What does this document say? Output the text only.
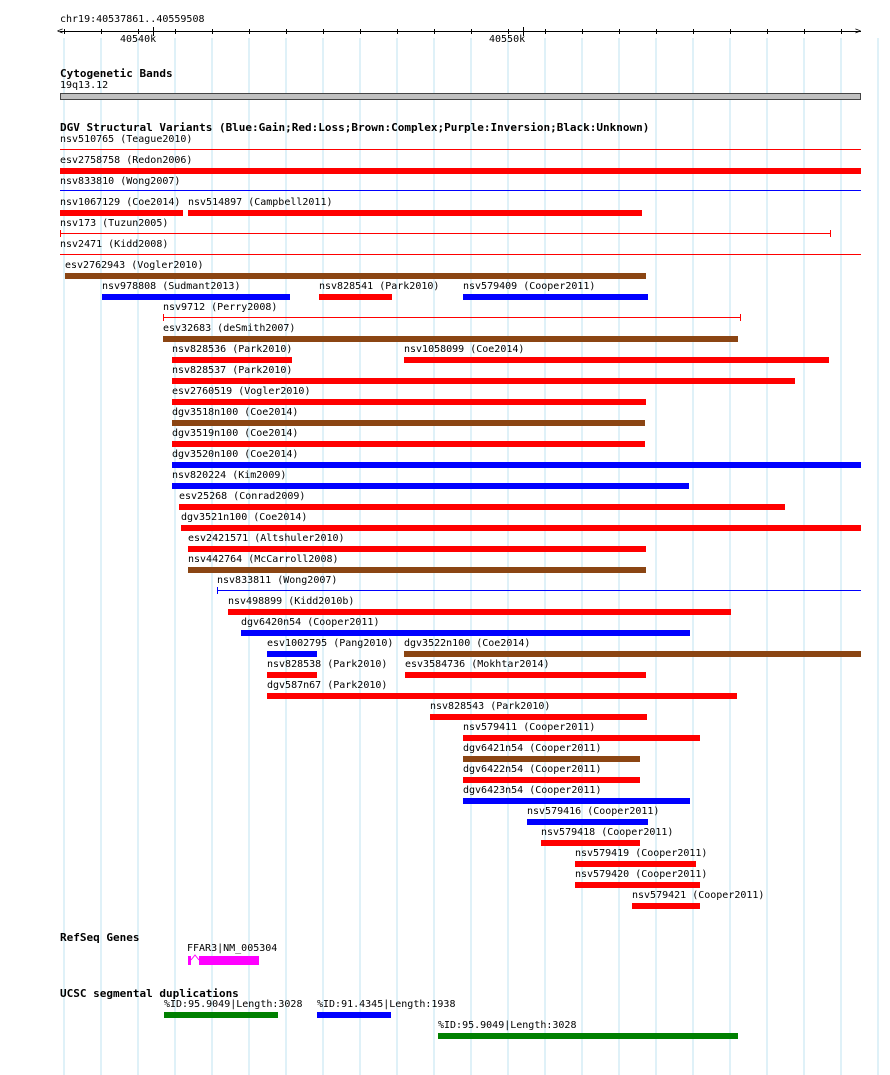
chr19:40537861..40559508
<	>
40540k	40550k
Cytogenetic Bands
19q13.12
DGV Structural Variants (Blue:Gain;Red:Loss;Brown:Complex;Purple:Inversion;Black:Unknown)
nsv510765 (Teague2010)
esv2758758 (Redon2006)
nsv833810 (Wong2007)
nsv1067129 (Coe2014) nsv514897 (Campbell2011)
nsv173 (Tuzun2005)
nsv2471 (Kidd2008)
esv2762943 (Vogler2010)
nsv978808 (Sudmant2013)	nsv828541 (Park2010) nsv579409 (Cooper2011)
nsv9712 (Perry2008)
esv32683 (deSmith2007)
nsv828536 (Park2010)	nsv1058099 (Coe2014)
nsv828537 (Park2010)
esv2760519 (Vogler2010)
dgv3518n100 (Coe2014)
dgv3519n100 (Coe2014)
dgv3520n100 (Coe2014)
nsv820224 (Kim2009)
esv25268 (Conrad2009)
dgv3521n100 (Coe2014)
esv2421571 (Altshuler2010)
nsv442764 (McCarroll2008)
nsv833811 (Wong2007)
nsv498899 (Kidd2010b)
dgv6420n54 (Cooper2011)
esv1002795 (Pang2010) dgv3522n100 (Coe2014)
nsv828538 (Park2010) esv3584736 (Mokhtar2014)
dgv587n67 (Park2010)
nsv828543 (Park2010)
nsv579411 (Cooper2011)
dgv6421n54 (Cooper2011)
dgv6422n54 (Cooper2011)
dgv6423n54 (Cooper2011)
nsv579416 (Cooper2011)
nsv579418 (Cooper2011)
nsv579419 (Cooper2011)
nsv579420 (Cooper2011)
nsv579421 (Cooper2011)
RefSeq Genes
FFAR3|NM_005304
UCSC segmental duplications
%ID:95.9049|Length:3028 %ID:91.4345|Length:1938
%ID:95.9049|Length:3028
